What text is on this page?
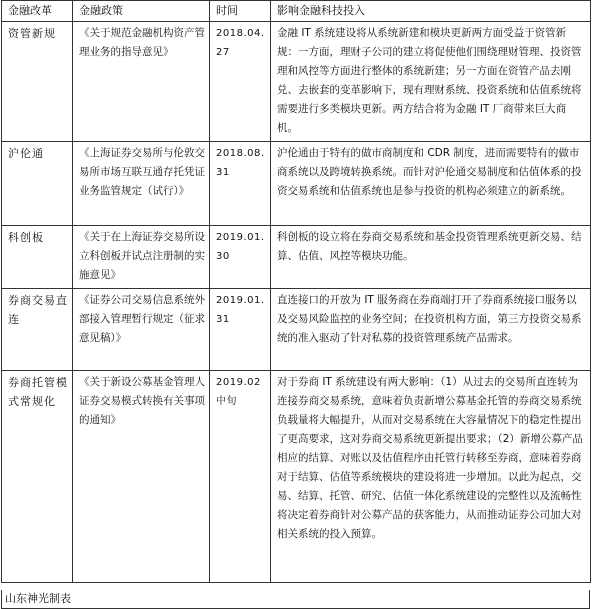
金融改革	金融政策	时间	影响金融科技投入
资管新规	《关于规范金融机构资产管理业务的指导意见》	2018.04.27	金融 IT 系统建设将从系统新建和模块更新两方面受益于资管新规：一方面，理财子公司的建立将促使他们围绕理财管理、投资管理和风控等方面进行整体的系统新建；另一方面在资管产品去刚兑、去嵌套的变革影响下，现有理财系统、投资系统和估值系统将需要进行多类模块更新。两方结合将为金融 IT 厂商带来巨大商机。
沪伦通	《上海证券交易所与伦敦交易所市场互联互通存托凭证业务监管规定（试行）》	2018.08.31	沪伦通由于特有的做市商制度和 CDR 制度，进而需要特有的做市商系统以及跨境转换系统。而针对沪伦通交易制度和估值体系的投资交易系统和估值系统也是参与投资的机构必须建立的新系统。
科创板	《关于在上海证券交易所设立科创板并试点注册制的实施意见》	2019.01.30	科创板的设立将在券商交易系统和基金投资管理系统更新交易、结算、估值、风控等模块功能。
券商交易直连	《证券公司交易信息系统外部接入管理暂行规定（征求意见稿）》	2019.01.31	直连接口的开放为 IT 服务商在券商端打开了券商系统接口服务以及交易风险监控的业务空间；在投资机构方面，第三方投资交易系统的准入驱动了针对私募的投资管理系统产品需求。
券商托管模式常规化	《关于新设公募基金管理人证券交易模式转换有关事项的通知》	2019.02中旬	对于券商 IT 系统建设有两大影响：（1）从过去的交易所直连转为连接券商交易系统，意味着负责新增公募基金托管的券商交易系统负载量将大幅提升，从而对交易系统在大容量情况下的稳定性提出了更高要求，这对券商交易系统更新提出要求；（2）新增公募产品相应的结算、对账以及估值程序由托管行转移至券商，意味着券商对于结算、估值等系统模块的建设将进一步增加。以此为起点，交易、结算、托管、研究、估值一体化系统建设的完整性以及流畅性将决定着券商针对公募产品的获客能力，从而推动证券公司加大对相关系统的投入预算。
山东神光制表
